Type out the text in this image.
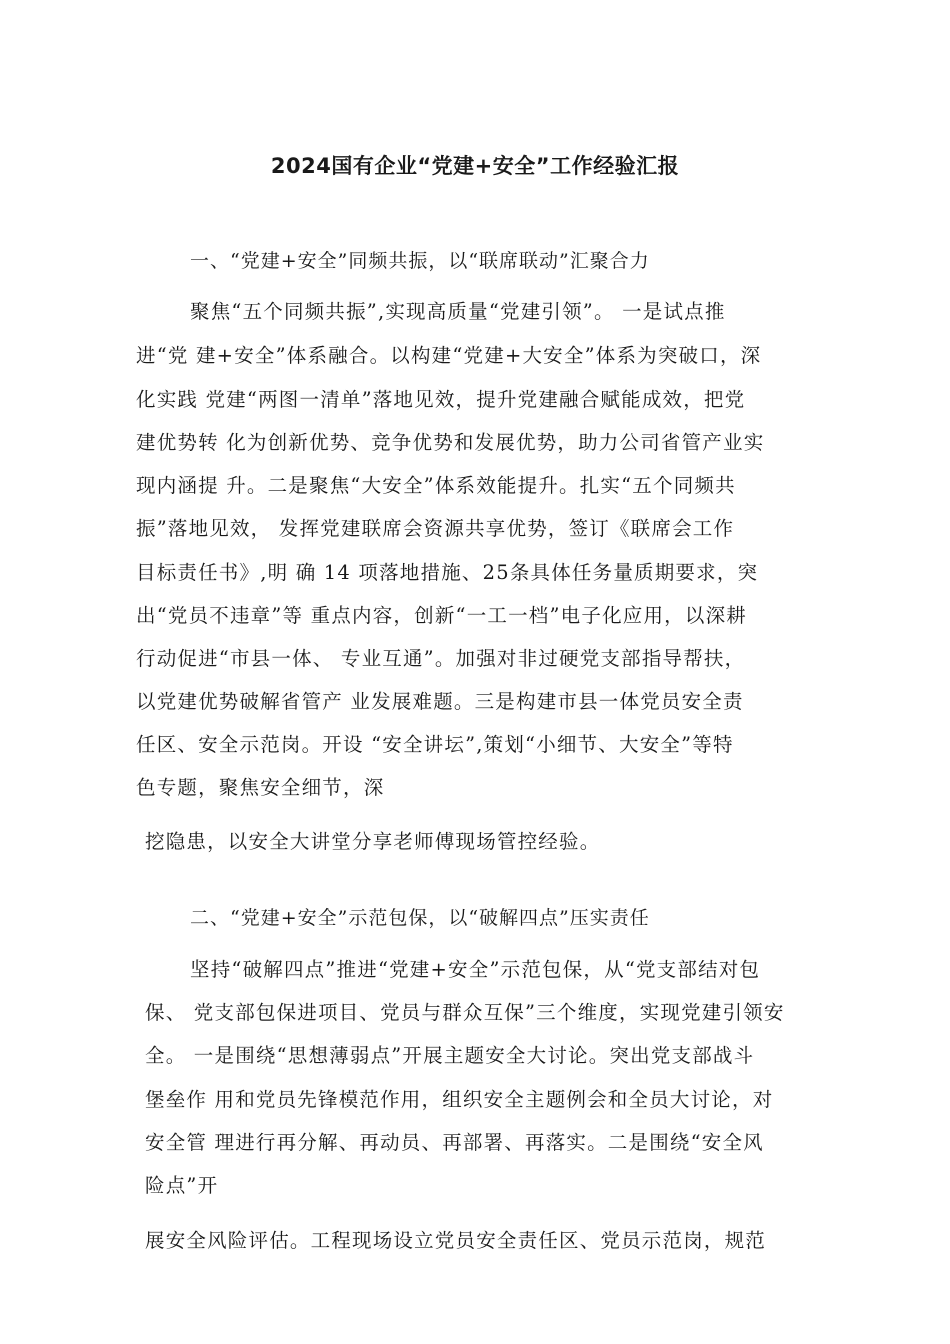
2024国有企业“党建+安全”工作经验汇报
一、“党建+安全”同频共振，以“联席联动”汇聚合力
聚焦“五个同频共振”,实现高质量“党建引领”。 一是试点推
进“党 建+安全”体系融合。以构建“党建+大安全”体系为突破口，深
化实践 党建“两图一清单”落地见效，提升党建融合赋能成效，把党
建优势转 化为创新优势、竞争优势和发展优势，助力公司省管产业实
现内涵提 升。二是聚焦“大安全”体系效能提升。扎实“五个同频共
振”落地见效， 发挥党建联席会资源共享优势，签订《联席会工作
目标责任书》,明 确 14 项落地措施、25条具体任务量质期要求，突
出“党员不违章”等 重点内容，创新“一工一档”电子化应用，以深耕
行动促进“市县一体、 专业互通”。加强对非过硬党支部指导帮扶，
以党建优势破解省管产 业发展难题。三是构建市县一体党员安全责
任区、安全示范岗。开设 “安全讲坛”,策划“小细节、大安全”等特
色专题，聚焦安全细节，深
挖隐患，以安全大讲堂分享老师傅现场管控经验。
二、“党建+安全”示范包保，以“破解四点”压实责任
坚持“破解四点”推进“党建+安全”示范包保，从“党支部结对包
保、 党支部包保进项目、党员与群众互保”三个维度，实现党建引领安
全。 一是围绕“思想薄弱点”开展主题安全大讨论。突出党支部战斗
堡垒作 用和党员先锋模范作用，组织安全主题例会和全员大讨论，对
安全管 理进行再分解、再动员、再部署、再落实。二是围绕“安全风
险点”开
展安全风险评估。工程现场设立党员安全责任区、党员示范岗，规范
